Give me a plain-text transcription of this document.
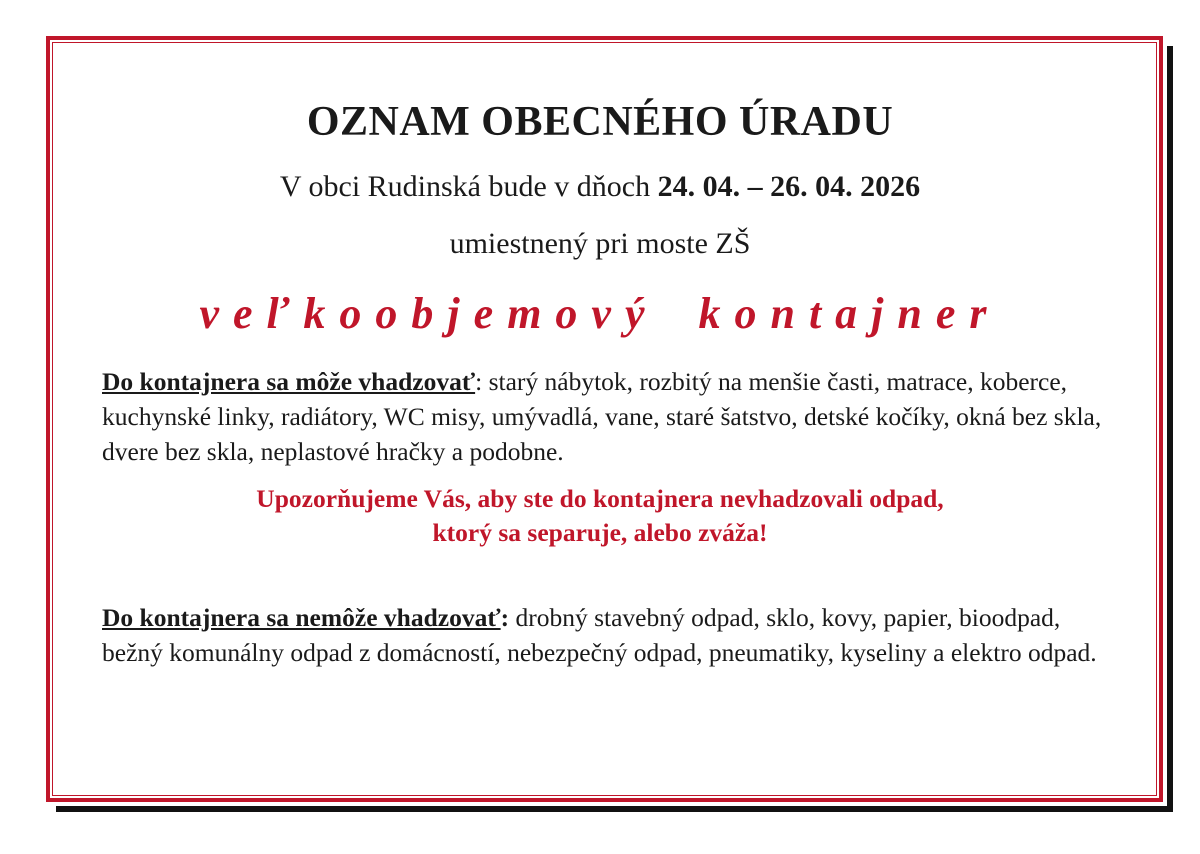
OZNAM OBECNÉHO ÚRADU
V obci Rudinská bude v dňoch 24. 04. – 26. 04. 2026
umiestnený pri moste ZŠ
veľkoobjemový kontajner
Do kontajnera sa môže vhadzovať: starý nábytok, rozbitý na menšie časti, matrace, koberce, kuchynské linky, radiátory, WC misy, umývadlá, vane, staré šatstvo, detské kočíky, okná bez skla, dvere bez skla, neplastové hračky a podobne.
Upozorňujeme Vás, aby ste do kontajnera nevhadzovali odpad,
ktorý sa separuje, alebo zváža!
Do kontajnera sa nemôže vhadzovať: drobný stavebný odpad, sklo, kovy, papier, bioodpad, bežný komunálny odpad z domácností, nebezpečný odpad, pneumatiky, kyseliny a elektro odpad.
